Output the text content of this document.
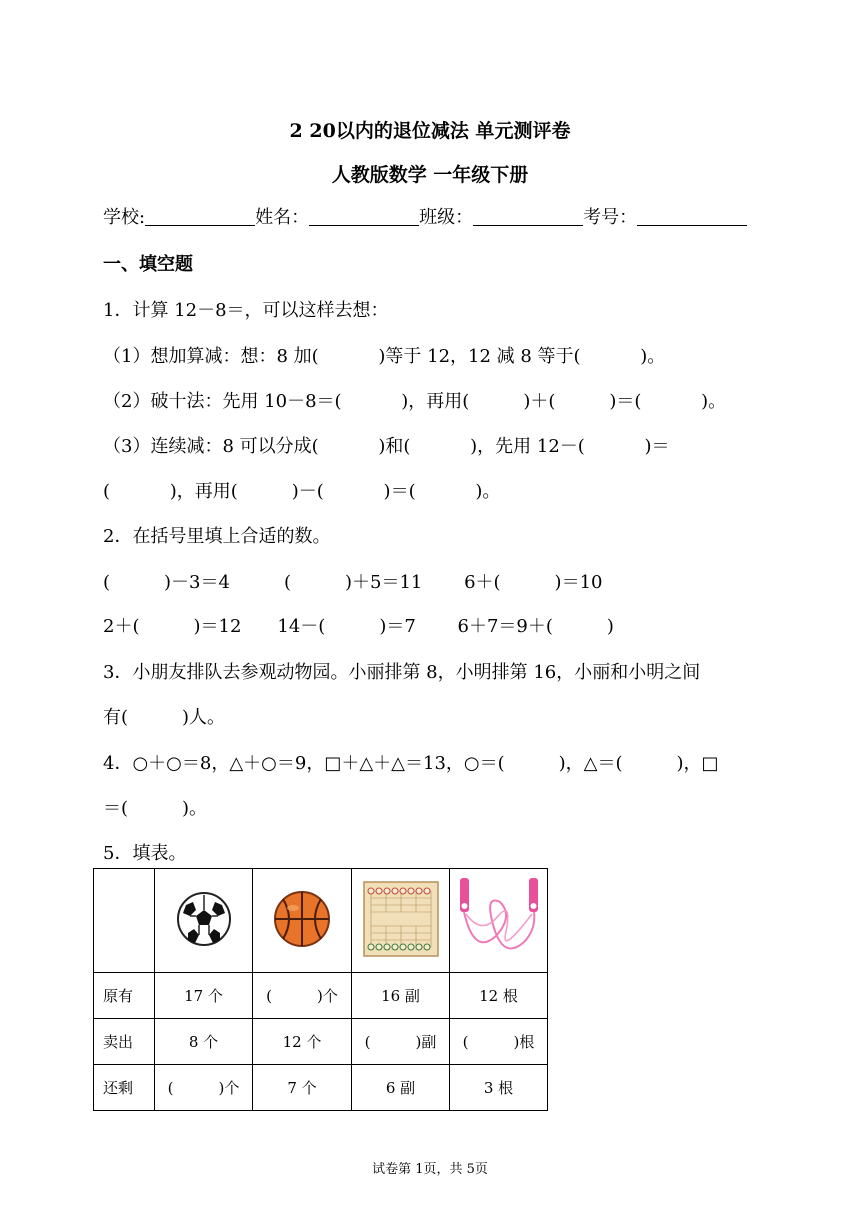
2 20以内的退位减法 单元测评卷
人教版数学 一年级下册
学校:	姓名：	班级：	考号：
一、填空题
1．计算 12－8＝，可以这样去想：
（1）想加算减：想：8 加(　　　 )等于 12，12 减 8 等于(　　　 )。
（2）破十法：先用 10－8＝(　　　 )，再用(　　　)＋(　　　)＝(　　　 )。
（3）连续减：8 可以分成(　　　 )和(　　　 )，先用 12－(　　　 )＝
(　　　 )，再用(　　　)－(　　　 )＝(　　　 )。
2．在括号里填上合适的数。
(　　　)－3＝4　　　(　　　)＋5＝11　　 6＋(　　　)＝10
2＋(　　　)＝12　　14－(　　　)＝7　　 6＋7＝9＋(　　　)
3．小朋友排队去参观动物园。小丽排第 8，小明排第 16，小丽和小明之间
有(　　　)人。
4．○＋○＝8，△＋○＝9，□＋△＋△＝13，○＝(　　　)，△＝(　　　)，□
＝(　　　)。
5．填表。

原有	17 个	(　　　)个	16 副	12 根
卖出	8 个	12 个	(　　　)副	(　　　)根
还剩	(　　　)个	7 个	6 副	3 根
试卷第 1页，共 5页
